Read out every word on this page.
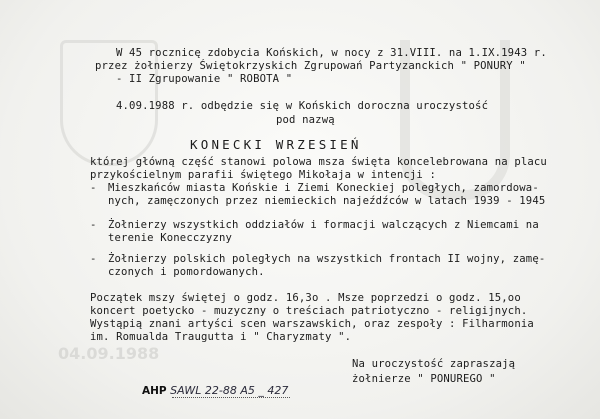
04.09.1988
W 45 rocznicę zdobycia Końskich, w nocy z 31.VIII. na 1.IX.1943 r.
przez żołnierzy Świętokrzyskich Zgrupowań Partyzanckich " PONURY "
- II Zgrupowanie " ROBOTA "
4.09.1988 r. odbędzie się w Końskich doroczna uroczystość
pod nazwą
KONECKI WRZESIEŃ
której główną część stanowi polowa msza święta koncelebrowana na placu
przykościelnym parafii świętego Mikołaja w intencji :
- Mieszkańców miasta Końskie i Ziemi Koneckiej poległych, zamordowa-
nych, zamęczonych przez niemieckich najeźdźców w latach 1939 - 1945
- Żołnierzy wszystkich oddziałów i formacji walczących z Niemcami na
terenie Konecczyzny
- Żołnierzy polskich poległych na wszystkich frontach II wojny, zamę-
czonych i pomordowanych.
Początek mszy świętej o godz. 16,3o . Msze poprzedzi o godz. 15,oo
koncert poetycko - muzyczny o treściach patriotyczno - religijnych.
Wystąpią znani artyści scen warszawskich, oraz zespoły : Filharmonia
im. Romualda Traugutta i " Charyzmaty ".
Na uroczystość zapraszają
żołnierze " PONUREGO "
AHP SAWL 22-88 A5 _ 427
